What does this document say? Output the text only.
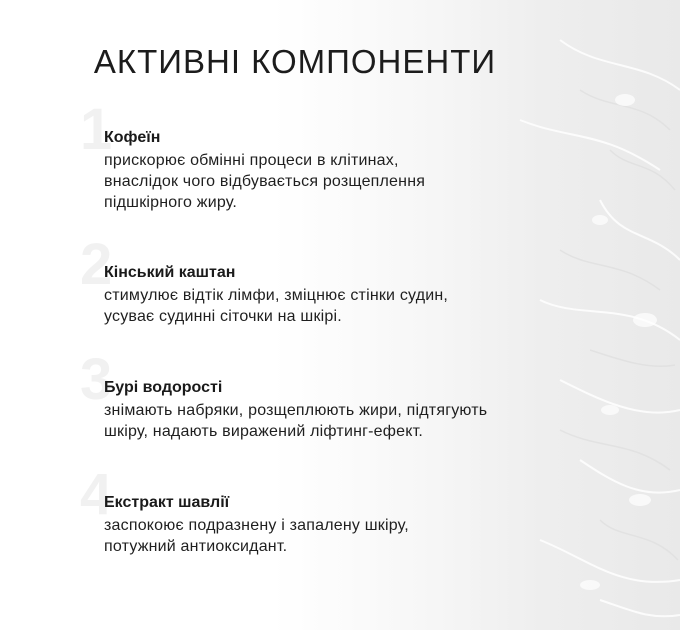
АКТИВНІ КОМПОНЕНТИ
1
Кофеїн
прискорює обмінні процеси в клітинах,
внаслідок чого відбувається розщеплення
підшкірного жиру.
2
Кінський каштан
стимулює відтік лімфи, зміцнює стінки судин,
усуває судинні сіточки на шкірі.
3
Бурі водорості
знімають набряки, розщеплюють жири, підтягують
шкіру, надають виражений ліфтинг-ефект.
4
Екстракт шавлії
заспокоює подразнену і запалену шкіру,
потужний антиоксидант.
